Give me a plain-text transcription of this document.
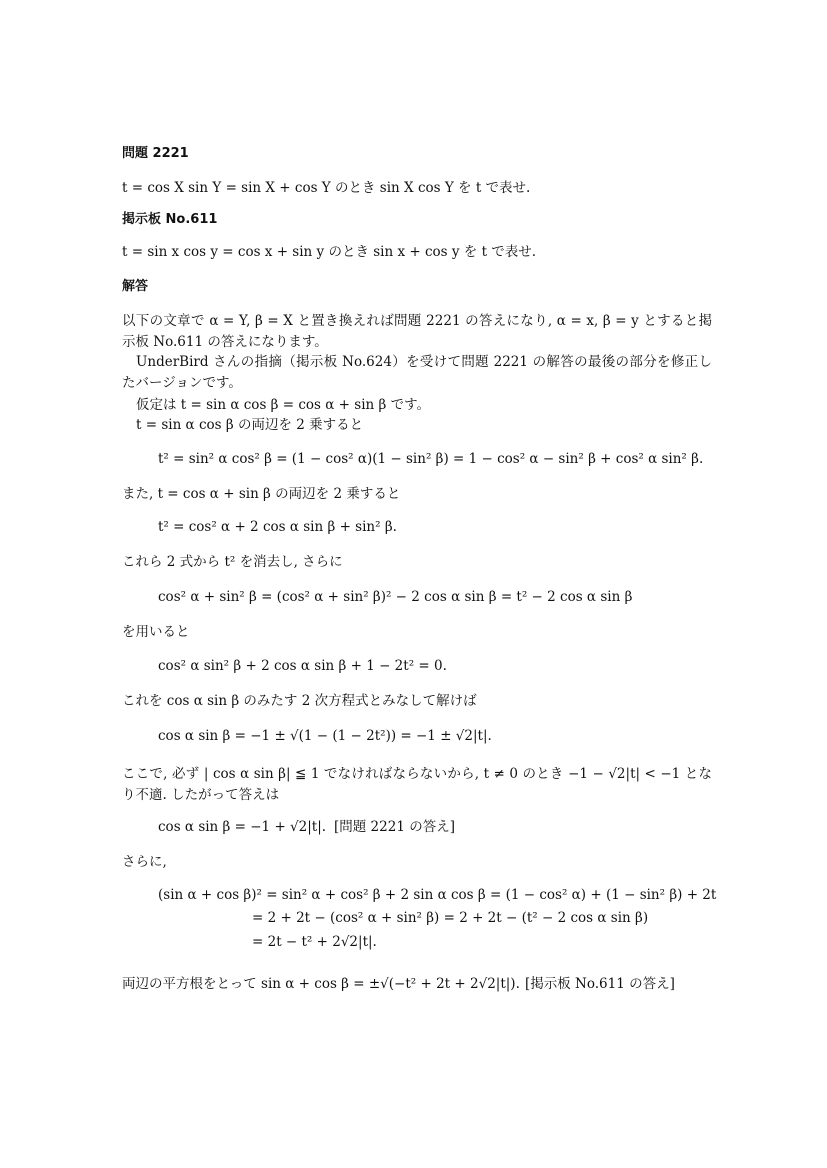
問題 2221
t = cos X sin Y = sin X + cos Y のとき sin X cos Y を t で表せ.
掲示板 No.611
t = sin x cos y = cos x + sin y のとき sin x + cos y を t で表せ.
解答
以下の文章で α = Y, β = X と置き換えれば問題 2221 の答えになり, α = x, β = y とすると掲示板 No.611 の答えになります。
UnderBird さんの指摘（掲示板 No.624）を受けて問題 2221 の解答の最後の部分を修正したバージョンです。
仮定は t = sin α cos β = cos α + sin β です。
t = sin α cos β の両辺を 2 乗すると
t² = sin² α cos² β = (1 − cos² α)(1 − sin² β) = 1 − cos² α − sin² β + cos² α sin² β.
また, t = cos α + sin β の両辺を 2 乗すると
t² = cos² α + 2 cos α sin β + sin² β.
これら 2 式から t² を消去し, さらに
cos² α + sin² β = (cos² α + sin² β)² − 2 cos α sin β = t² − 2 cos α sin β
を用いると
cos² α sin² β + 2 cos α sin β + 1 − 2t² = 0.
これを cos α sin β のみたす 2 次方程式とみなして解けば
cos α sin β = −1 ± √(1 − (1 − 2t²)) = −1 ± √2|t|.
ここで, 必ず | cos α sin β| ≦ 1 でなければならないから, t ≠ 0 のとき −1 − √2|t| < −1 となり不適. したがって答えは
cos α sin β = −1 + √2|t|. [問題 2221 の答え]
さらに,
(sin α + cos β)² = sin² α + cos² β + 2 sin α cos β = (1 − cos² α) + (1 − sin² β) + 2t
= 2 + 2t − (cos² α + sin² β) = 2 + 2t − (t² − 2 cos α sin β)
= 2t − t² + 2√2|t|.
両辺の平方根をとって sin α + cos β = ±√(−t² + 2t + 2√2|t|). [掲示板 No.611 の答え]
